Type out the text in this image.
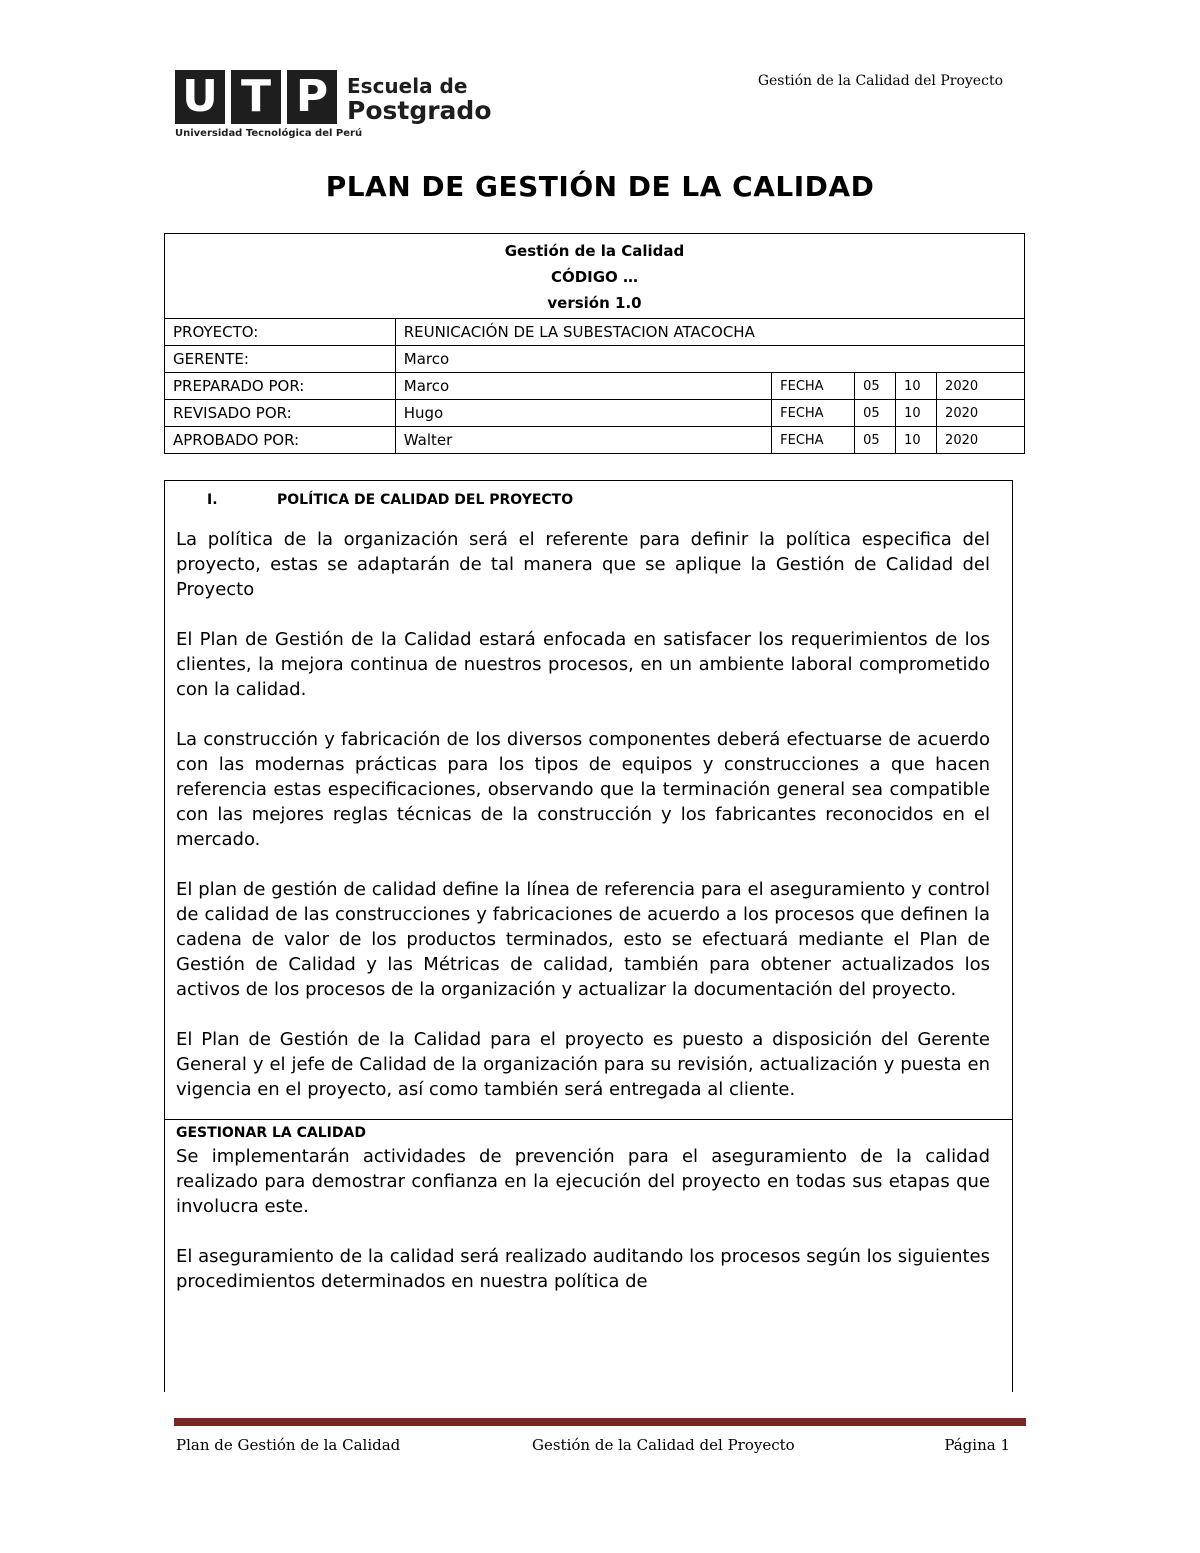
U T P Escuela de
Postgrado
Universidad Tecnológica del Perú
Gestión de la Calidad del Proyecto
PLAN DE GESTIÓN DE LA CALIDAD
Gestión de la Calidad
CÓDIGO …
versión 1.0					

PROYECTO:	REUNICACIÓN DE LA SUBESTACION ATACOCHA				
GERENTE:	Marco				
PREPARADO POR:	Marco	FECHA	05	10	2020
REVISADO POR:	Hugo	FECHA	05	10	2020
APROBADO POR:	Walter	FECHA	05	10	2020
I.	POLÍTICA DE CALIDAD DEL PROYECTO

La política de la organización será el referente para definir la política especifica del proyecto, estas se adaptarán de tal manera que se aplique la Gestión de Calidad del Proyecto

El Plan de Gestión de la Calidad estará enfocada en satisfacer los requerimientos de los clientes, la mejora continua de nuestros procesos, en un ambiente laboral comprometido con la calidad.

La construcción y fabricación de los diversos componentes deberá efectuarse de acuerdo con las modernas prácticas para los tipos de equipos y construcciones a que hacen referencia estas especificaciones, observando que la terminación general sea compatible con las mejores reglas técnicas de la construcción y los fabricantes reconocidos en el mercado.

El plan de gestión de calidad define la línea de referencia para el aseguramiento y control de calidad de las construcciones y fabricaciones de acuerdo a los procesos que definen la cadena de valor de los productos terminados, esto se efectuará mediante el Plan de Gestión de Calidad y las Métricas de calidad, también para obtener actualizados los activos de los procesos de la organización y actualizar la documentación del proyecto.

El Plan de Gestión de la Calidad para el proyecto es puesto a disposición del Gerente General y el jefe de Calidad de la organización para su revisión, actualización y puesta en vigencia en el proyecto, así como también será entregada al cliente.

GESTIONAR LA CALIDAD

Se implementarán actividades de prevención para el aseguramiento de la calidad realizado para demostrar confianza en la ejecución del proyecto en todas sus etapas que involucra este.

El aseguramiento de la calidad será realizado auditando los procesos según los siguientes procedimientos determinados en nuestra política de

Plan de Gestión de la Calidad	Gestión de la Calidad del Proyecto	Página 1
